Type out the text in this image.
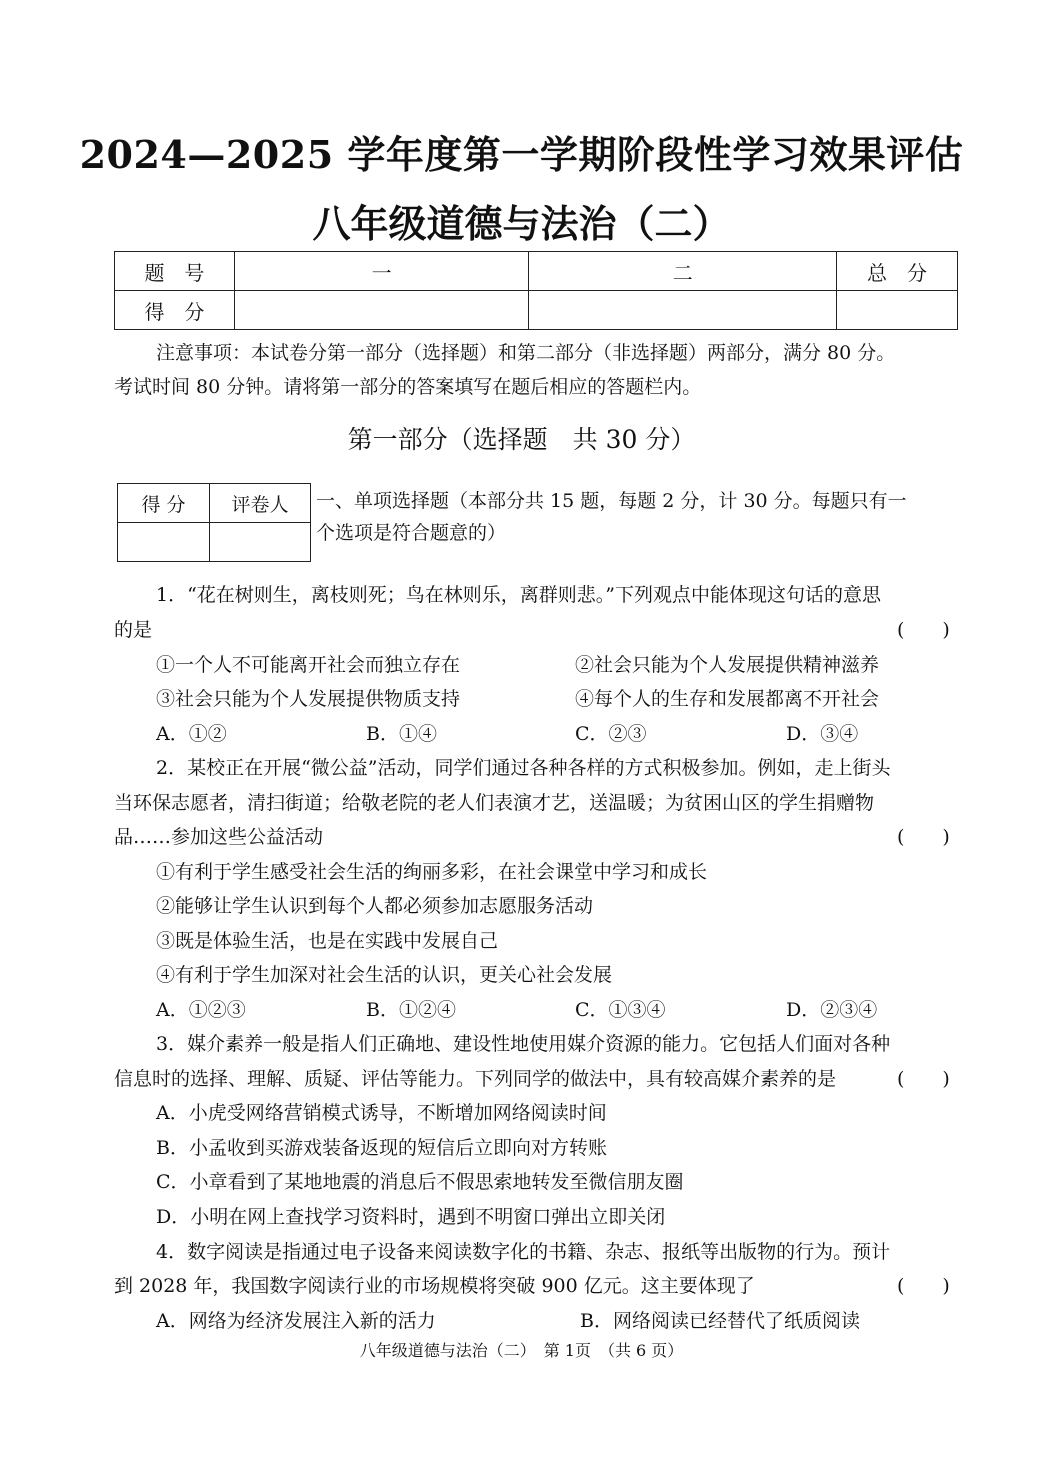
2024—2025 学年度第一学期阶段性学习效果评估
八年级道德与法治（二）
题　号	一	二	总　分
得　分			
注意事项：本试卷分第一部分（选择题）和第二部分（非选择题）两部分，满分 80 分。
考试时间 80 分钟。请将第一部分的答案填写在题后相应的答题栏内。
第一部分（选择题　共 30 分）
得 分	评卷人
	一、单项选择题（本部分共 15 题，每题 2 分，计 30 分。每题只有一
个选项是符合题意的）
1．“花在树则生，离枝则死；鸟在林则乐，离群则悲。”下列观点中能体现这句话的意思
的是	(　　)
①一个人不可能离开社会而独立存在	②社会只能为个人发展提供精神滋养
③社会只能为个人发展提供物质支持	④每个人的生存和发展都离不开社会
A．①②	B．①④	C．②③	D．③④
2．某校正在开展“微公益”活动，同学们通过各种各样的方式积极参加。例如，走上街头
当环保志愿者，清扫街道；给敬老院的老人们表演才艺，送温暖；为贫困山区的学生捐赠物
品……参加这些公益活动	(　　)
①有利于学生感受社会生活的绚丽多彩，在社会课堂中学习和成长
②能够让学生认识到每个人都必须参加志愿服务活动
③既是体验生活，也是在实践中发展自己
④有利于学生加深对社会生活的认识，更关心社会发展
A．①②③	B．①②④	C．①③④	D．②③④
3．媒介素养一般是指人们正确地、建设性地使用媒介资源的能力。它包括人们面对各种
信息时的选择、理解、质疑、评估等能力。下列同学的做法中，具有较高媒介素养的是	(　　)
A．小虎受网络营销模式诱导，不断增加网络阅读时间
B．小孟收到买游戏装备返现的短信后立即向对方转账
C．小章看到了某地地震的消息后不假思索地转发至微信朋友圈
D．小明在网上查找学习资料时，遇到不明窗口弹出立即关闭
4．数字阅读是指通过电子设备来阅读数字化的书籍、杂志、报纸等出版物的行为。预计
到 2028 年，我国数字阅读行业的市场规模将突破 900 亿元。这主要体现了	(　　)
A．网络为经济发展注入新的活力	B．网络阅读已经替代了纸质阅读
八年级道德与法治（二）　第 1页　（共 6 页）
